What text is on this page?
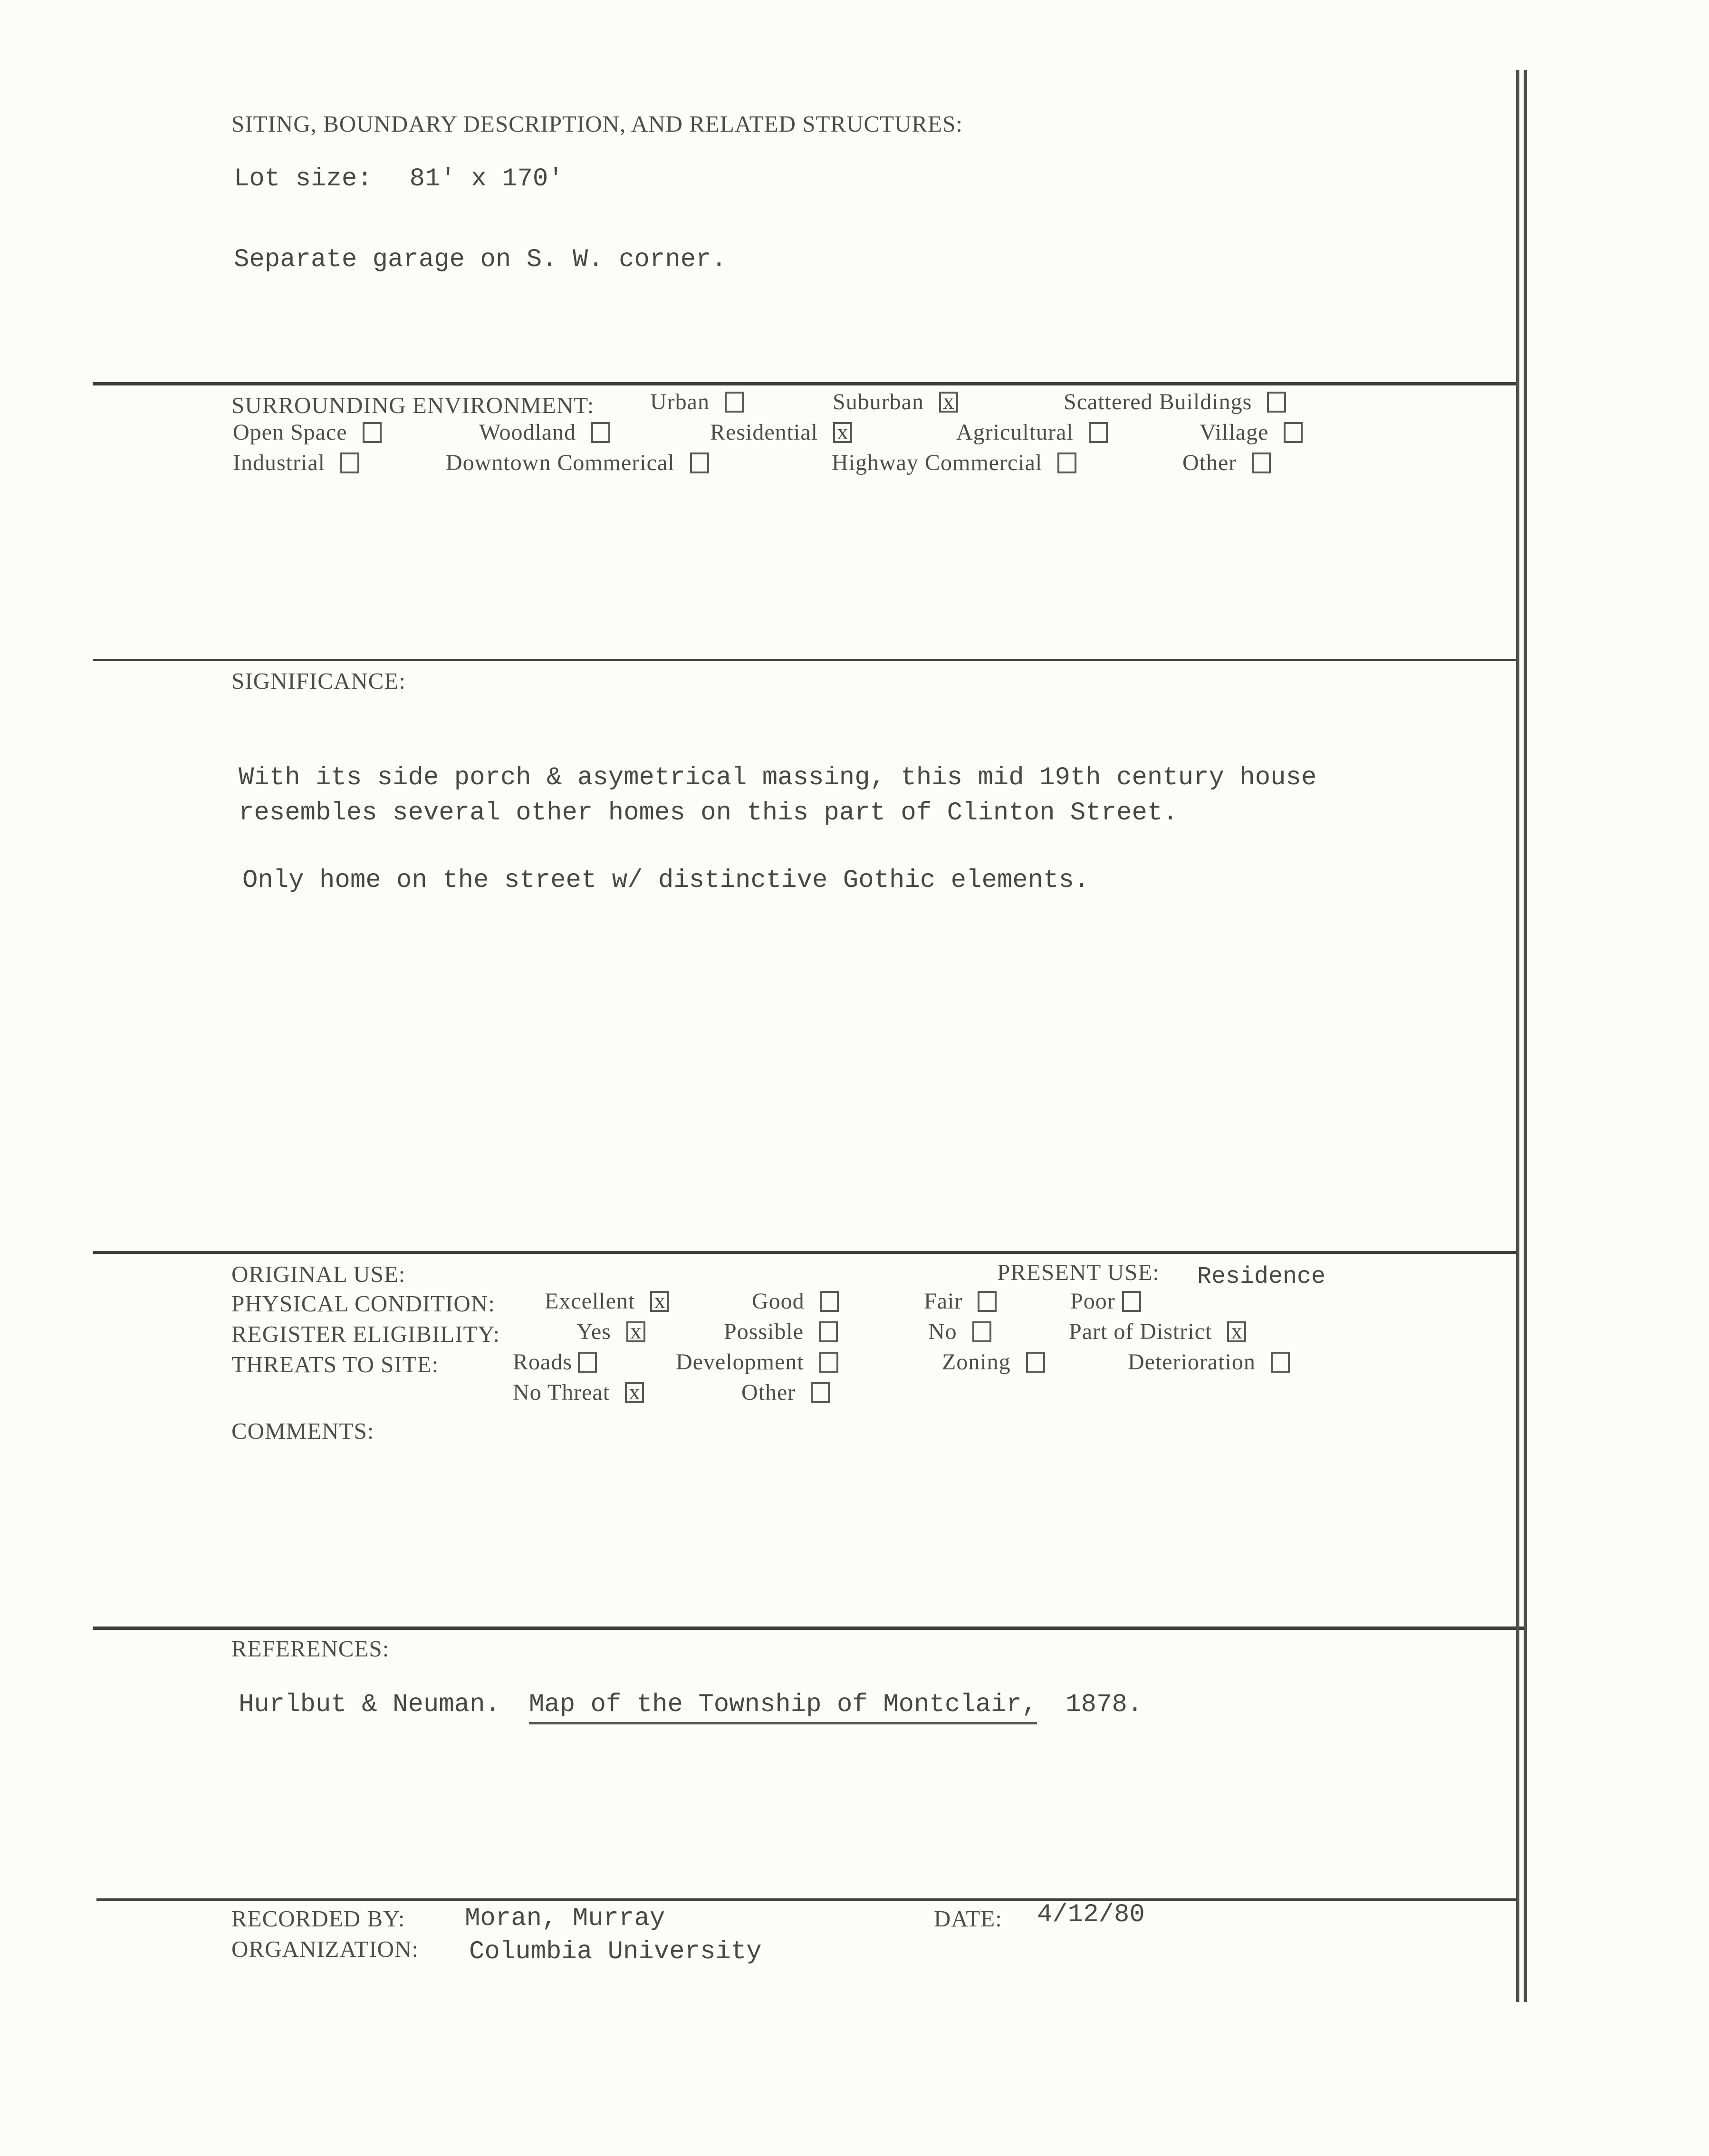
SITING, BOUNDARY DESCRIPTION, AND RELATED STRUCTURES:
Lot size: 81' x 170'
Separate garage on S. W. corner.
SURROUNDING ENVIRONMENT: Urban	Suburban x	Scattered Buildings
Open Space	Woodland	Residential x	Agricultural	Village
Industrial	Downtown Commerical	Highway Commercial	Other
SIGNIFICANCE:
With its side porch & asymetrical massing, this mid 19th century house
resembles several other homes on this part of Clinton Street.
Only home on the street w/ distinctive Gothic elements.
ORIGINAL USE:	PRESENT USE: Residence
PHYSICAL CONDITION: Excellent x	Good	Fair	Poor
REGISTER ELIGIBILITY:	Yes x	Possible	No	Part of District x
THREATS TO SITE:	Roads	Development	Zoning	Deterioration
No Threat x	Other
COMMENTS:
REFERENCES:
Hurlbut & Neuman. Map of the Township of Montclair, 1878.
RECORDED BY: Moran, Murray	DATE: 4/12/80
ORGANIZATION: Columbia University
